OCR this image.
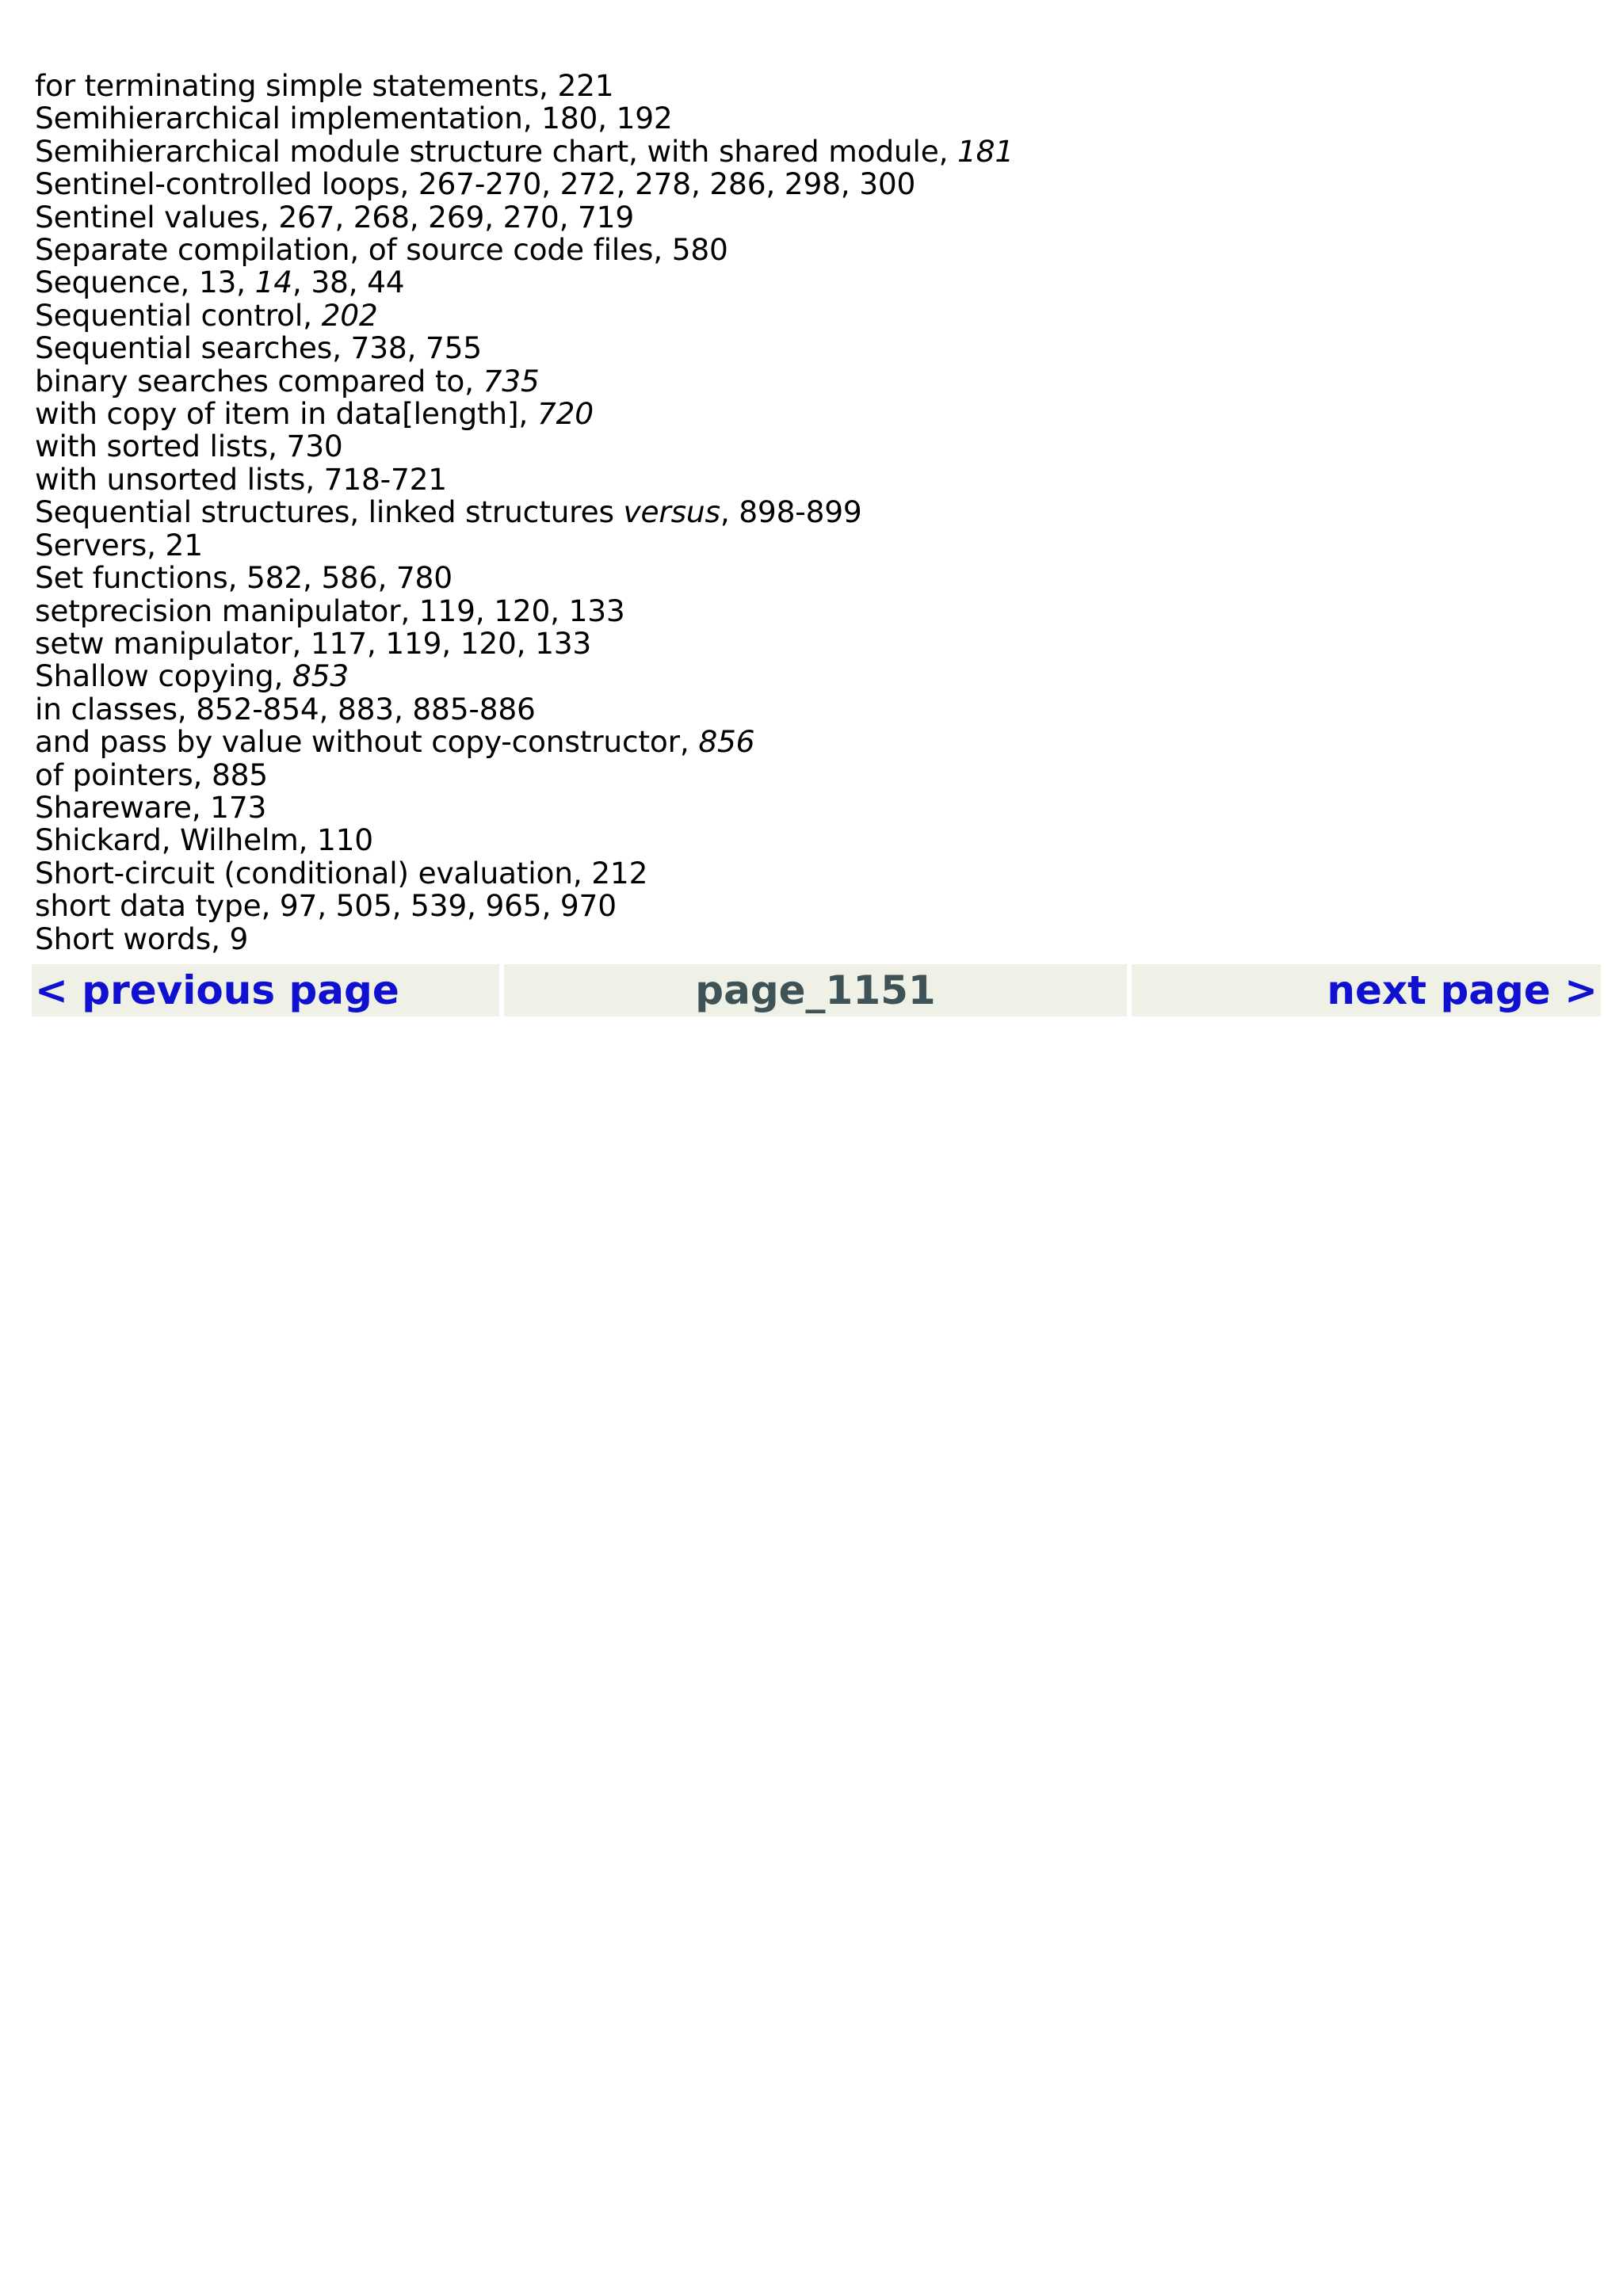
for terminating simple statements, 221
Semihierarchical implementation, 180, 192
Semihierarchical module structure chart, with shared module, 181
Sentinel-controlled loops, 267-270, 272, 278, 286, 298, 300
Sentinel values, 267, 268, 269, 270, 719
Separate compilation, of source code files, 580
Sequence, 13, 14, 38, 44
Sequential control, 202
Sequential searches, 738, 755
binary searches compared to, 735
with copy of item in data[length], 720
with sorted lists, 730
with unsorted lists, 718-721
Sequential structures, linked structures versus, 898-899
Servers, 21
Set functions, 582, 586, 780
setprecision manipulator, 119, 120, 133
setw manipulator, 117, 119, 120, 133
Shallow copying, 853
in classes, 852-854, 883, 885-886
and pass by value without copy-constructor, 856
of pointers, 885
Shareware, 173
Shickard, Wilhelm, 110
Short-circuit (conditional) evaluation, 212
short data type, 97, 505, 539, 965, 970
Short words, 9
< previous page	page_1151	next page >
